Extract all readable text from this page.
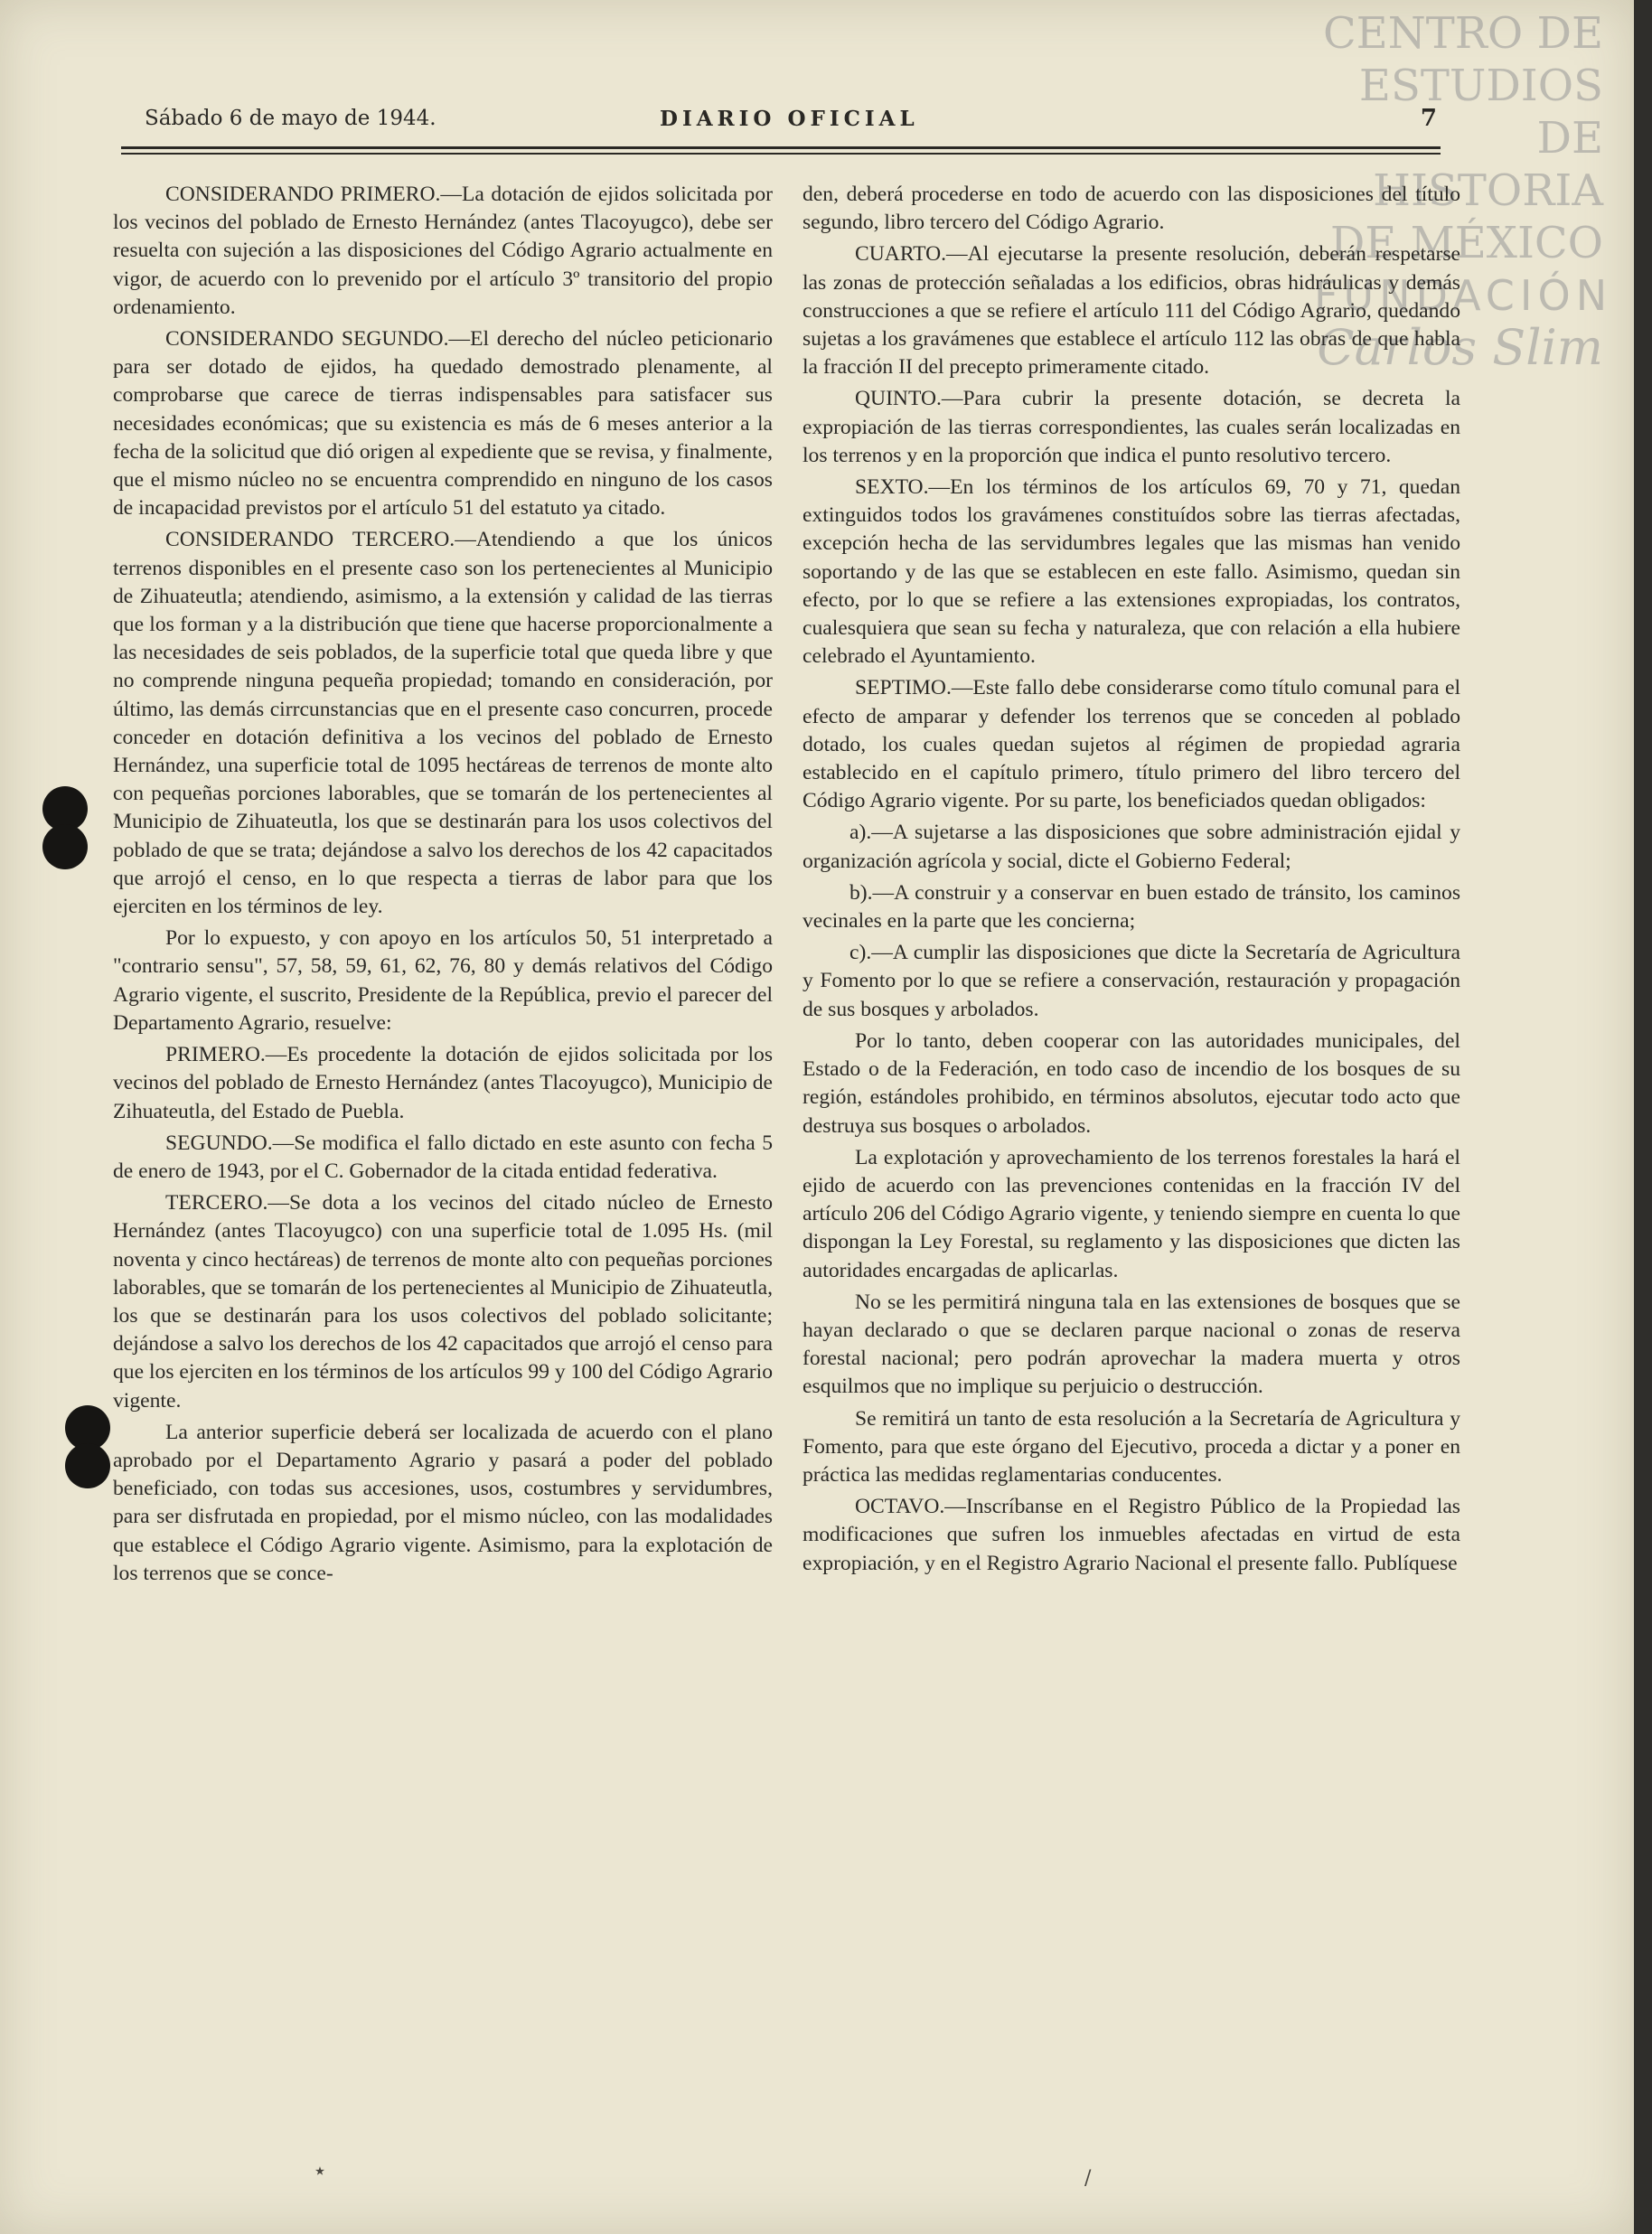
CENTRO DE
ESTUDIOS
DE HISTORIA
DE MÉXICO
FUNDACIÓN
Carlos Slim
Sábado 6 de mayo de 1944.	DIARIO OFICIAL	7

CONSIDERANDO PRIMERO.—La dotación de ejidos solicitada por los vecinos del poblado de Ernesto Hernández (antes Tlacoyugco), debe ser resuelta con sujeción a las disposiciones del Código Agrario actualmente en vigor, de acuerdo con lo prevenido por el artículo 3º transitorio del propio ordenamiento.

CONSIDERANDO SEGUNDO.—El derecho del núcleo peticionario para ser dotado de ejidos, ha quedado demostrado plenamente, al comprobarse que carece de tierras indispensables para satisfacer sus necesidades económicas; que su existencia es más de 6 meses anterior a la fecha de la solicitud que dió origen al expediente que se revisa, y finalmente, que el mismo núcleo no se encuentra comprendido en ninguno de los casos de incapacidad previstos por el artículo 51 del estatuto ya citado.

CONSIDERANDO TERCERO.—Atendiendo a que los únicos terrenos disponibles en el presente caso son los pertenecientes al Municipio de Zihuateutla; atendiendo, asimismo, a la extensión y calidad de las tierras que los forman y a la distribución que tiene que hacerse proporcionalmente a las necesidades de seis poblados, de la superficie total que queda libre y que no comprende ninguna pequeña propiedad; tomando en consideración, por último, las demás cirrcunstancias que en el presente caso concurren, procede conceder en dotación definitiva a los vecinos del poblado de Ernesto Hernández, una superficie total de 1095 hectáreas de terrenos de monte alto con pequeñas porciones laborables, que se tomarán de los pertenecientes al Municipio de Zihuateutla, los que se destinarán para los usos colectivos del poblado de que se trata; dejándose a salvo los derechos de los 42 capacitados que arrojó el censo, en lo que respecta a tierras de labor para que los ejerciten en los términos de ley.

Por lo expuesto, y con apoyo en los artículos 50, 51 interpretado a "contrario sensu", 57, 58, 59, 61, 62, 76, 80 y demás relativos del Código Agrario vigente, el suscrito, Presidente de la República, previo el parecer del Departamento Agrario, resuelve:

PRIMERO.—Es procedente la dotación de ejidos solicitada por los vecinos del poblado de Ernesto Hernández (antes Tlacoyugco), Municipio de Zihuateutla, del Estado de Puebla.

SEGUNDO.—Se modifica el fallo dictado en este asunto con fecha 5 de enero de 1943, por el C. Gobernador de la citada entidad federativa.

TERCERO.—Se dota a los vecinos del citado núcleo de Ernesto Hernández (antes Tlacoyugco) con una superficie total de 1.095 Hs. (mil noventa y cinco hectáreas) de terrenos de monte alto con pequeñas porciones laborables, que se tomarán de los pertenecientes al Municipio de Zihuateutla, los que se destinarán para los usos colectivos del poblado solicitante; dejándose a salvo los derechos de los 42 capacitados que arrojó el censo para que los ejerciten en los términos de los artículos 99 y 100 del Código Agrario vigente.

La anterior superficie deberá ser localizada de acuerdo con el plano aprobado por el Departamento Agrario y pasará a poder del poblado beneficiado, con todas sus accesiones, usos, costumbres y servidumbres, para ser disfrutada en propiedad, por el mismo núcleo, con las modalidades que establece el Código Agrario vigente. Asimismo, para la explotación de los terrenos que se conce-

den, deberá procederse en todo de acuerdo con las disposiciones del título segundo, libro tercero del Código Agrario.

CUARTO.—Al ejecutarse la presente resolución, deberán respetarse las zonas de protección señaladas a los edificios, obras hidráulicas y demás construcciones a que se refiere el artículo 111 del Código Agrario, quedando sujetas a los gravámenes que establece el artículo 112 las obras de que habla la fracción II del precepto primeramente citado.

QUINTO.—Para cubrir la presente dotación, se decreta la expropiación de las tierras correspondientes, las cuales serán localizadas en los terrenos y en la proporción que indica el punto resolutivo tercero.

SEXTO.—En los términos de los artículos 69, 70 y 71, quedan extinguidos todos los gravámenes constituídos sobre las tierras afectadas, excepción hecha de las servidumbres legales que las mismas han venido soportando y de las que se establecen en este fallo. Asimismo, quedan sin efecto, por lo que se refiere a las extensiones expropiadas, los contratos, cualesquiera que sean su fecha y naturaleza, que con relación a ella hubiere celebrado el Ayuntamiento.

SEPTIMO.—Este fallo debe considerarse como título comunal para el efecto de amparar y defender los terrenos que se conceden al poblado dotado, los cuales quedan sujetos al régimen de propiedad agraria establecido en el capítulo primero, título primero del libro tercero del Código Agrario vigente. Por su parte, los beneficiados quedan obligados:

a).—A sujetarse a las disposiciones que sobre administración ejidal y organización agrícola y social, dicte el Gobierno Federal;

b).—A construir y a conservar en buen estado de tránsito, los caminos vecinales en la parte que les concierna;

c).—A cumplir las disposiciones que dicte la Secretaría de Agricultura y Fomento por lo que se refiere a conservación, restauración y propagación de sus bosques y arbolados.

Por lo tanto, deben cooperar con las autoridades municipales, del Estado o de la Federación, en todo caso de incendio de los bosques de su región, estándoles prohibido, en términos absolutos, ejecutar todo acto que destruya sus bosques o arbolados.

La explotación y aprovechamiento de los terrenos forestales la hará el ejido de acuerdo con las prevenciones contenidas en la fracción IV del artículo 206 del Código Agrario vigente, y teniendo siempre en cuenta lo que dispongan la Ley Forestal, su reglamento y las disposiciones que dicten las autoridades encargadas de aplicarlas.

No se les permitirá ninguna tala en las extensiones de bosques que se hayan declarado o que se declaren parque nacional o zonas de reserva forestal nacional; pero podrán aprovechar la madera muerta y otros esquilmos que no implique su perjuicio o destrucción.

Se remitirá un tanto de esta resolución a la Secretaría de Agricultura y Fomento, para que este órgano del Ejecutivo, proceda a dictar y a poner en práctica las medidas reglamentarias conducentes.

OCTAVO.—Inscríbanse en el Registro Público de la Propiedad las modificaciones que sufren los inmuebles afectadas en virtud de esta expropiación, y en el Registro Agrario Nacional el presente fallo. Publíquese

٭	/
